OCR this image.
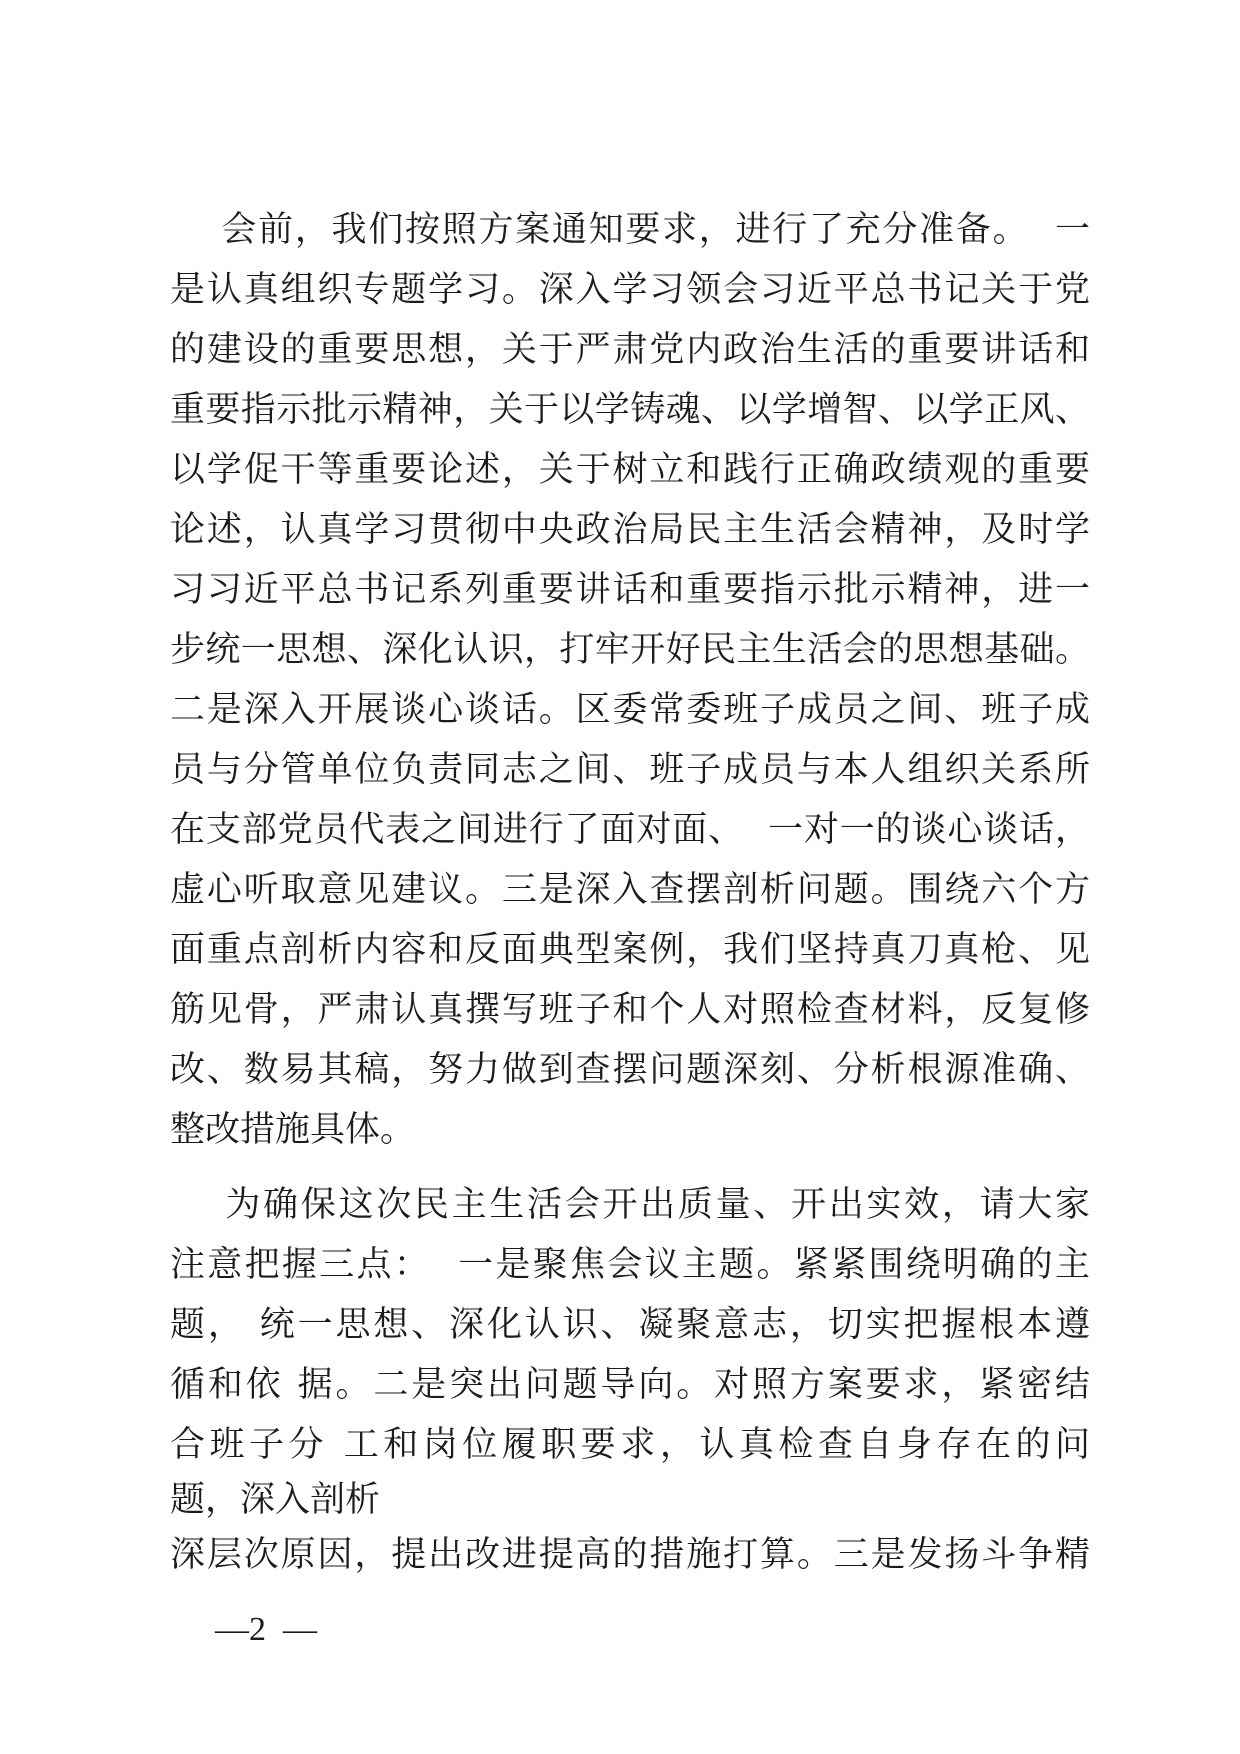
会前，我们按照方案通知要求，进行了充分准备。  一
是认真组织专题学习。深入学习领会习近平总书记关于党
的建设的重要思想，关于严肃党内政治生活的重要讲话和
重要指示批示精神，关于以学铸魂、以学增智、以学正风、
以学促干等重要论述，关于树立和践行正确政绩观的重要
论述，认真学习贯彻中央政治局民主生活会精神，及时学
习习近平总书记系列重要讲话和重要指示批示精神，进一
步统一思想、深化认识，打牢开好民主生活会的思想基础。
二是深入开展谈心谈话。区委常委班子成员之间、班子成
员与分管单位负责同志之间、班子成员与本人组织关系所
在支部党员代表之间进行了面对面、  一对一的谈心谈话，
虚心听取意见建议。三是深入查摆剖析问题。围绕六个方
面重点剖析内容和反面典型案例，我们坚持真刀真枪、见
筋见骨，严肃认真撰写班子和个人对照检查材料，反复修
改、数易其稿，努力做到查摆问题深刻、分析根源准确、
整改措施具体。
为确保这次民主生活会开出质量、开出实效，请大家
注意把握三点：  一是聚焦会议主题。紧紧围绕明确的主
题， 统一思想、深化认识、凝聚意志，切实把握根本遵
循和依 据。二是突出问题导向。对照方案要求，紧密结
合班子分 工和岗位履职要求，认真检查自身存在的问
题，深入剖析
深层次原因，提出改进提高的措施打算。三是发扬斗争精
—2  —
